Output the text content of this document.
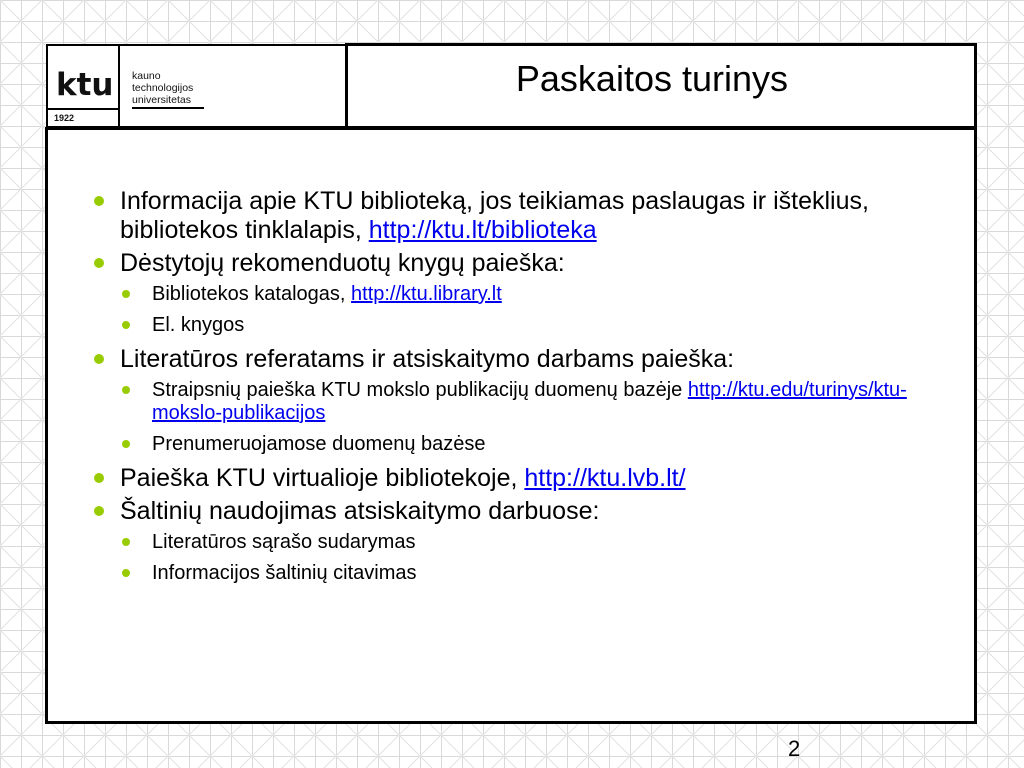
ktu
1922
kauno
technologijos
universitetas
Paskaitos turinys
Informacija apie KTU biblioteką, jos teikiamas paslaugas ir išteklius, bibliotekos tinklalapis, http://ktu.lt/biblioteka
Dėstytojų rekomenduotų knygų paieška:
Bibliotekos katalogas, http://ktu.library.lt
El. knygos
Literatūros referatams ir atsiskaitymo darbams paieška:
Straipsnių paieška KTU mokslo publikacijų duomenų bazėje http://ktu.edu/turinys/ktu-mokslo-publikacijos
Prenumeruojamose duomenų bazėse
Paieška KTU virtualioje bibliotekoje, http://ktu.lvb.lt/
Šaltinių naudojimas atsiskaitymo darbuose:
Literatūros sąrašo sudarymas
Informacijos šaltinių citavimas
2
